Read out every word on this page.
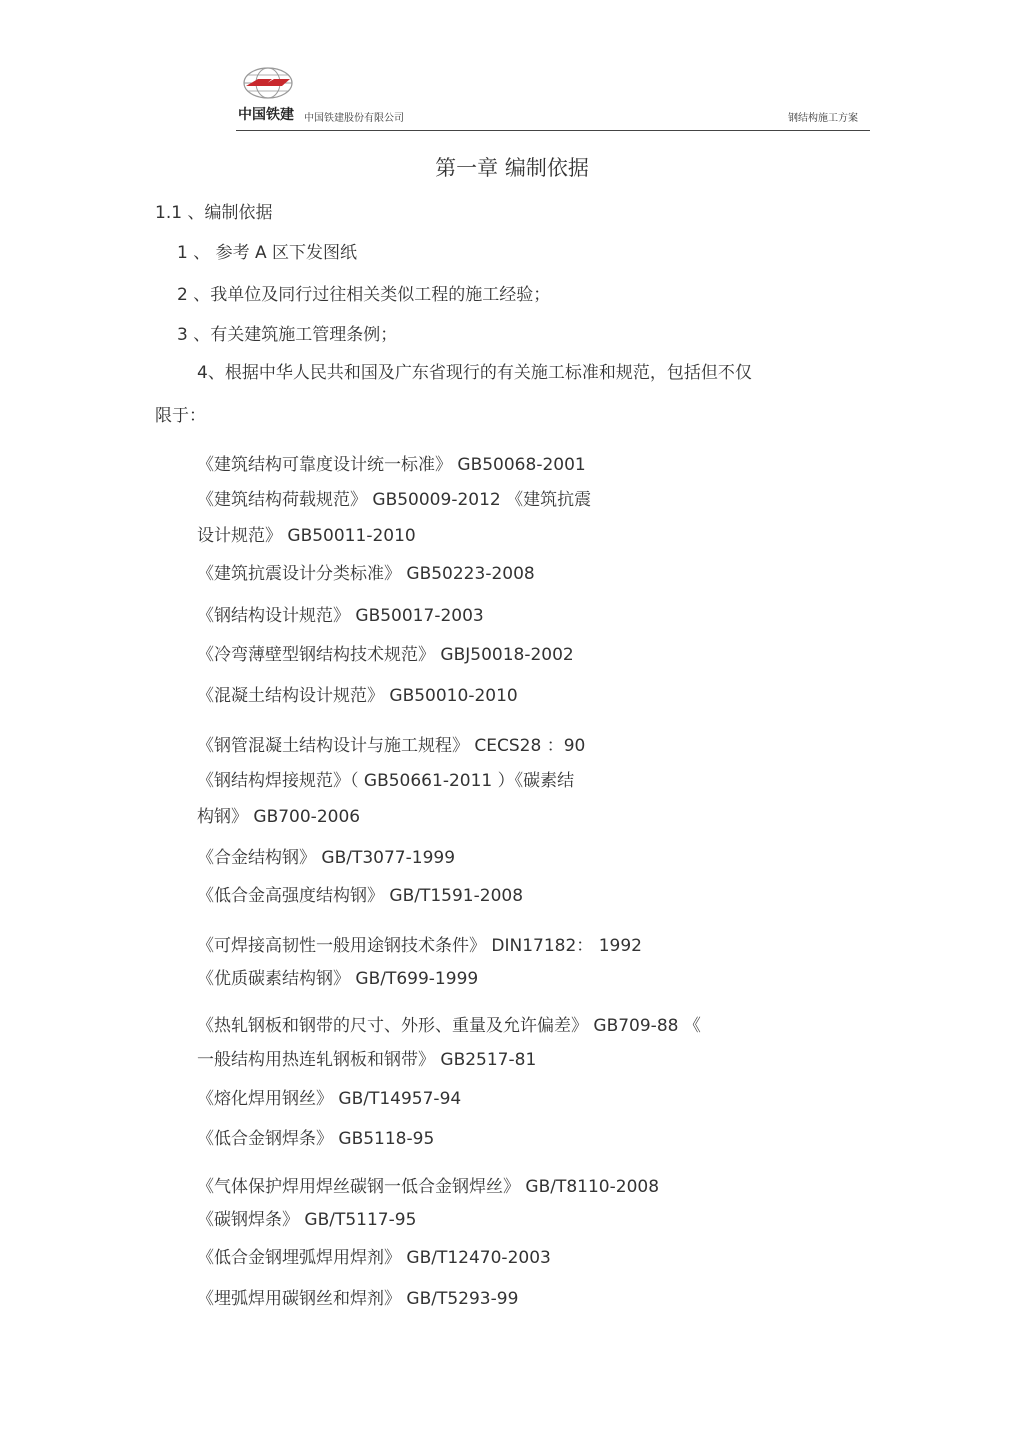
中国铁建 中国铁建股份有限公司	钢结构施工方案
第一章 编制依据
1.1 、编制依据
1 、 参考 A 区下发图纸
2 、我单位及同行过往相关类似工程的施工经验；
3 、有关建筑施工管理条例；
4、根据中华人民共和国及广东省现行的有关施工标准和规范，包括但不仅
限于：
《建筑结构可靠度设计统一标准》 GB50068-2001
《建筑结构荷载规范》 GB50009-2012 《建筑抗震
设计规范》 GB50011-2010
《建筑抗震设计分类标准》 GB50223-2008
《钢结构设计规范》 GB50017-2003
《冷弯薄壁型钢结构技术规范》 GBJ50018-2002
《混凝土结构设计规范》 GB50010-2010
《钢管混凝土结构设计与施工规程》 CECS28 ：90
《钢结构焊接规范》（ GB50661-2011 ）《碳素结
构钢》 GB700-2006
《合金结构钢》 GB/T3077-1999
《低合金高强度结构钢》 GB/T1591-2008
《可焊接高韧性一般用途钢技术条件》 DIN17182： 1992
《优质碳素结构钢》 GB/T699-1999
《热轧钢板和钢带的尺寸、外形、重量及允许偏差》 GB709-88 《
一般结构用热连轧钢板和钢带》 GB2517-81
《熔化焊用钢丝》 GB/T14957-94
《低合金钢焊条》 GB5118-95
《气体保护焊用焊丝碳钢一低合金钢焊丝》 GB/T8110-2008
《碳钢焊条》 GB/T5117-95
《低合金钢埋弧焊用焊剂》 GB/T12470-2003
《埋弧焊用碳钢丝和焊剂》 GB/T5293-99
